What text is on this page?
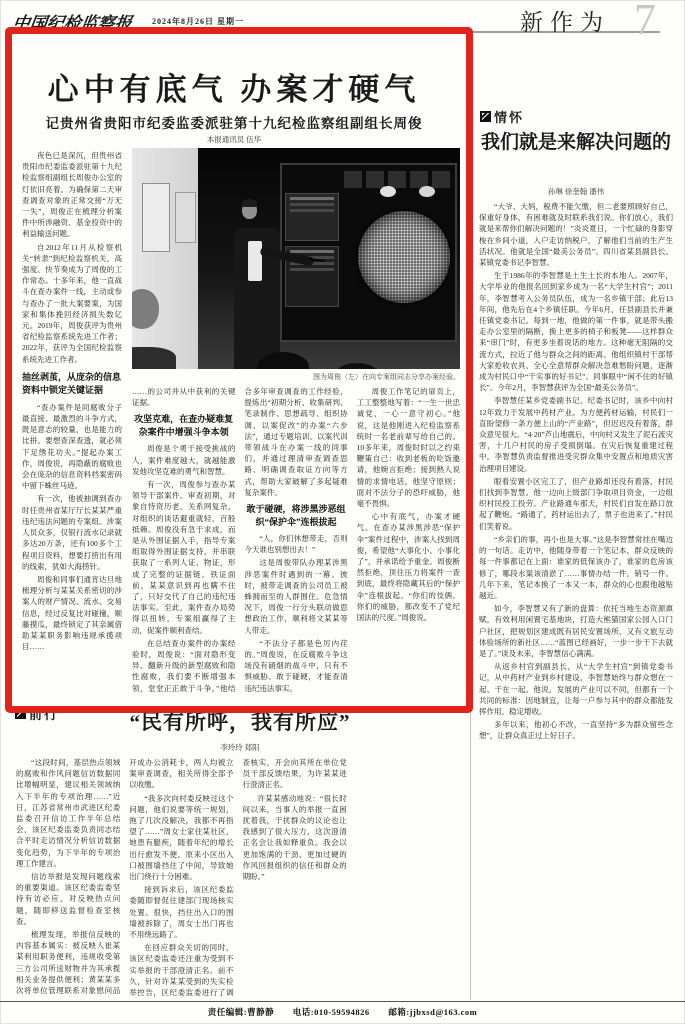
中国纪检监察报 2024年8月26日 星期一	新作为 7
心中有底气 办案才硬气
记贵州省贵阳市纪委监委派驻第十九纪检监察组副组长周俊
本报通讯员 伍华

夜色已是深沉，但贵州省贵阳市纪委监委派驻第十九纪检监察组副组长周俊办公室的灯依旧亮着。为确保第二天审查调查对象的正常交接“万无一失”，周俊正在梳理分析案件中所涉融资、基金投资中的利益输送问题。

自2012年11月从检察机关“转隶”到纪检监察机关，高强度、快节奏成为了周俊的工作常态。十多年来，他一直战斗在查办案件一线，主动或参与查办了一批大案要案，为国家和集体挽回经济损失数亿元。2019年，周俊获评为贵州省纪检监察系统先进工作者；2022年，获评为全国纪检监察系统先进工作者。

抽丝剥茧，从庞杂的信息资料中锁定关键证据

“查办案件是同腐败分子最直接、最激烈的斗争方式，既是意志的较量，也是能力的比拼。要想查深查透，就必须下足绣花功夫。”提起办案工作，周俊说，再隐蔽的腐败也会在庞杂的信息资料档案密码中留下蛛丝马迹。

有一次，他被抽调到查办时任贵州省某厅厅长某某严重违纪违法问题的专案组。涉案人员众多，仅银行流水记录就多达20万条，还有100多个工程项目资料，想要打捞出有用的线索，犹如大海捞针。

周俊和同事们通宵达旦地梳理分析与某某关系密切的涉案人的财产情况、流水、交易信息，经过反复比对碰撞，顺藤摸瓜，最终锁定了其亲属借助某某职务影响违规承揽项目……

图为周俊（左）在向专案组同志分享办案经验。

……的公司并从中获利的关键证据。

攻坚克难，在查办疑难复杂案件中增强斗争本领

周俊是个勇于接受挑战的人，案件难度越大，就越能激发他攻坚克难的勇气和智慧。

有一次，周俊参与查办某领导干部案件。审查初期，对象自恃资历老、关系网复杂，对组织的谈话避重就轻、百般抵赖。周俊没有急于求成，而是从外围证据入手，指导专案组取得外围证据支持，并串联获取了一系列人证、物证，形成了完整的证据链。铁证面前，某某意识到再也瞒不住了，只好交代了自己的违纪违法事实。至此，案件查办局势得以扭转，专案组赢得了主动，促案件顺利查结。

在总结查办案件的办案经验时，周俊说：“面对隐形变异、翻新升级的新型腐败和隐性腐败，我们要不断增强本领，堂堂正正敢于斗争。”他结合多年审查调查的工作经验，提炼出“初期分析、收集研判、笔录制作、思想疏导、组织协调、以案促改”的办案“六步法”，通过专题培训、以案代训带领战斗在办案一线的同事们，并通过理清审查调查思路、明确调查取证方向等方式，帮助大家破解了多起疑难复杂案件。

敢于碰硬，将涉黑涉恶组织“保护伞”连根拔起

“人，你们休想带走，否则今天谁也别想出去！”

这是周俊带队办理某涉黑涉恶案件时遇到的一幕。彼时，被带走调查的公司员工被蜂拥而至的人群围住。危急情况下，周俊一行分头联动做思想政治工作，顺利将文某某等人带走。

“不法分子都是色厉内荏的。”周俊说，在反腐败斗争这场没有硝烟的战斗中，只有不惧威胁、敢于碰硬，才能查清违纪违法事实。

周俊工作笔记的扉页上，工工整整地写着：“一生一世忠诚党，一心一意守初心。”他说，这是他刚进入纪检监察系统时一名老前辈写给自己的。10多年来，周俊时时以之约束鞭策自己：收到老板的吃饭邀请，他婉言拒绝；接到熟人说情的求情电话，他坚守原则；面对不法分子的恐吓威胁，他毫不畏惧。

心中有底气，办案才硬气。在查办某涉黑涉恶“保护伞”案件过程中，涉案人找到周俊，希望他“大事化小、小事化了”，并承诺给予重金。周俊断然拒绝，顶住压力将案件一查到底，最终将隐藏其后的“保护伞”连根拔起。“你们的伎俩、你们的威胁，都改变不了党纪国法的尺度。”周俊说。

情怀
我们就是来解决问题的
孙琳 徐奎翰 潘伟

“大爷、大妈，税费不能欠缴，但二老要照顾好自己，保重好身体，有困难就及时联系我们说。你们放心，我们就是来帮你们解决问题的！”炎炎夏日，一个忙碌的身影穿梭在乡间小道，入户走访纳税户，了解他们当前的生产生活状况。他就是全国“最美公务员”、四川省某县副县长、某镇党委书记李智慧。

生于1986年的李智慧是土生土长的本地人。2007年，大学毕业的他报名回到家乡成为一名“大学生村官”；2011年，李智慧考入公务员队伍，成为一名乡镇干部；此后13年间，他先后在4个乡镇任职。今年6月，任县副县长并兼任镇党委书记。每到一地，他做的第一件事，就是带头搬走办公室里的隔断，换上更多的椅子和板凳——这样群众来“串门”时，有更多坐着说话的地方。这种毫无阻隔的交流方式，拉近了他与群众之间的距离。他组织镇村干部帮大家抢收农具、全心全意帮群众解决急难愁盼问题，逐渐成为村民口中“干实事的好书记”、同事眼中“闲不住的好镇长”。今年2月，李智慧获评为全国“最美公务员”。

李智慧任某乡党委副书记、纪委书记时，该乡中向村12年致力于发展中药材产业。为方便药材运输，村民们一直盼望修一条方便上山的“产业路”，但迟迟没有着落，群众意见很大。“4·20”芦山地震后，中向村又发生了泥石流灾害，十几户村民的房子受损倒塌。在灾后恢复重建过程中，李智慧负责监督推进受灾群众集中安置点和地质灾害治理项目建设。

眼看安置小区完工了，但产业路却还没有着落，村民们找到李智慧。他一边向上级部门争取项目资金，一边组织村民投工投劳。产业路通车那天，村民们自发在路口放起了鞭炮。“路通了，药材运出去了，票子也进来了。”村民们笑着说。

“乡亲们的事，再小也是大事。”这是李智慧常挂在嘴边的一句话。走访中，他随身带着一个笔记本，群众反映的每一件事都记在上面：谁家的低保该办了，谁家的危房该修了，哪段水渠该清淤了……事情办结一件，销号一件。几年下来，笔记本换了一本又一本，群众的心也跟他越贴越近。

如今，李智慧又有了新的盘算：依托当地生态资源禀赋，有效利用闲置宅基地块，打造大熊猫国家公园入口门户社区，把规划区建成既有居民安置场所、又有文旅互动体验场所的新社区……“蓝图已经画好，一步一步干下去就是了。”谈及未来，李智慧信心满满。

从返乡村官到副县长，从“大学生村官”到镇党委书记，从中药材产业到乡村建设，李智慧始终与群众想在一起、干在一起。他说，发展的产业可以不同，但都有一个共同的标准：因地制宜，让每一户参与其中的群众都能发挥作用、稳定增收。

多年以来，他初心不改，一直坚持“多为群众留些念想”，让群众真正过上好日子。

前行	“民有所呼，我有所应”
李玲玲 郑阳

“这段时间，基层热点领域的腐败和作风问题信访数据同比增幅明显，建议相关领域纳入下半年的专项治理……”近日，江苏省常州市武进区纪委监委召开信访工作半年总结会，该区纪委监委负责同志结合平时走访情况分析信访数据变化趋势，为下半年的专项治理工作建言。

信访举报是发现问题线索的重要渠道。该区纪委监委坚持有访必应，对反映热点问题，随即移送监督检查室核查。

梳理发现，举报信反映的内容基本属实：被反映人崔某某利用职务便利，违规收受第三方公司所送财物并为其承揽相关业务提供便利；黄某某多次将单位管理联系对象慰问品开成办公消耗卡，两人均被立案审查调查，相关所得全部予以收缴。

“我多次向村委反映过这个问题，他们说要等统一规划，拖了几次没解决，我都不再指望了……”周女士家住某社区，她患有腿疾，随着年纪的增长出行愈发不便，原来小区出入口被围墙挡住了中间，导致她出门绕行十分困难。

接到诉求后，该区纪委监委随即督促住建部门现场核实处置。很快，挡住出入口的围墙被拆除了，周女士出门再也不用绕远路了。

在回应群众关切的同时，该区纪委监委还注重为受到不实举报的干部澄清正名。前不久，针对许某某受到的失实检举控告，区纪委监委进行了调查核实，开会向其所在单位党员干部反馈结果，为许某某进行澄清正名。

许某某感动地说：“很长时间以来，当事人的举报一直困扰着我，干扰群众的议论也让我感到了很大压力，这次澄清正名会让我如释重负。我会以更加饱满的干劲、更加过硬的作风回报组织的信任和群众的期盼。”

责任编辑:曹静静 电话:010-59594826 邮箱:jjbxsd@163.com
